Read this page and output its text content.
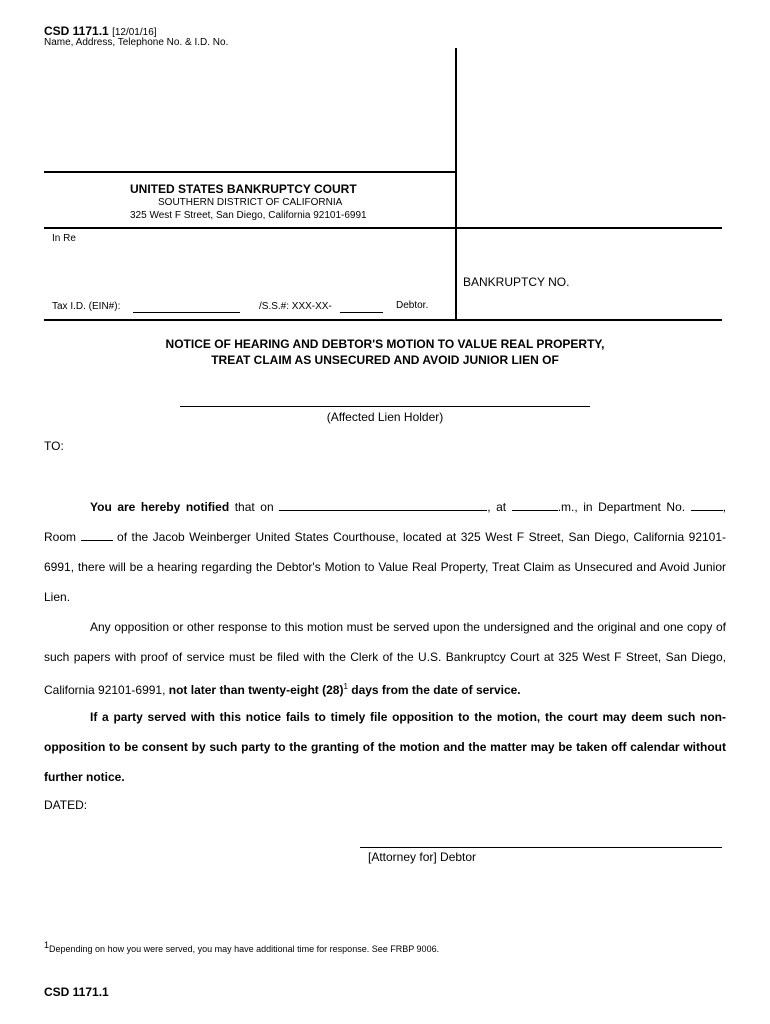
CSD 1171.1 [12/01/16]
Name, Address, Telephone No. & I.D. No.
UNITED STATES BANKRUPTCY COURT
SOUTHERN DISTRICT OF CALIFORNIA
325 West F Street, San Diego, California 92101-6991
In Re
BANKRUPTCY NO.
Tax I.D. (EIN#):	/S.S.#: XXX-XX-	Debtor.
NOTICE OF HEARING AND DEBTOR'S MOTION TO VALUE REAL PROPERTY,
TREAT CLAIM AS UNSECURED AND AVOID JUNIOR LIEN OF
(Affected Lien Holder)
TO:
You are hereby notified that on	, at	.m., in Department No.	, Room	of the Jacob Weinberger United States Courthouse, located at 325 West F Street, San Diego, California 92101-6991, there will be a hearing regarding the Debtor's Motion to Value Real Property, Treat Claim as Unsecured and Avoid Junior Lien.
Any opposition or other response to this motion must be served upon the undersigned and the original and one copy of such papers with proof of service must be filed with the Clerk of the U.S. Bankruptcy Court at 325 West F Street, San Diego, California 92101-6991, not later than twenty-eight $(28)^1$ days from the date of service.
If a party served with this notice fails to timely file opposition to the motion, the court may deem such non-opposition to be consent by such party to the granting of the motion and the matter may be taken off calendar without further notice.
DATED:
[Attorney for] Debtor
$^1$Depending on how you were served, you may have additional time for response. See FRBP 9006.
CSD 1171.1
